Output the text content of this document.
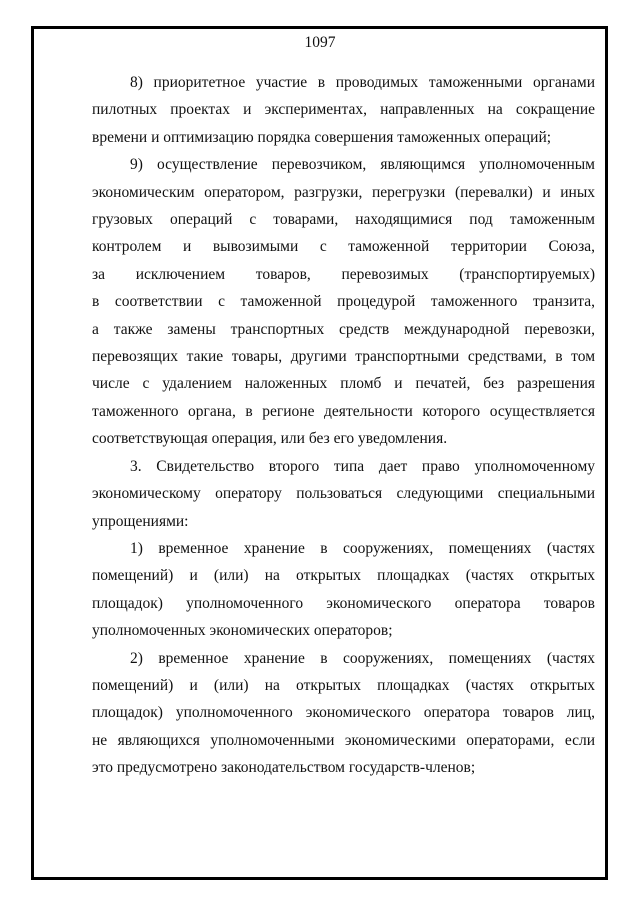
1097
8) приоритетное участие в проводимых таможенными органами
пилотных проектах и экспериментах, направленных на сокращение
времени и оптимизацию порядка совершения таможенных операций;
9) осуществление перевозчиком, являющимся уполномоченным
экономическим оператором, разгрузки, перегрузки (перевалки) и иных
грузовых операций с товарами, находящимися под таможенным
контролем и вывозимыми с таможенной территории Союза,
за исключением товаров, перевозимых (транспортируемых)
в соответствии с таможенной процедурой таможенного транзита,
а также замены транспортных средств международной перевозки,
перевозящих такие товары, другими транспортными средствами, в том
числе с удалением наложенных пломб и печатей, без разрешения
таможенного органа, в регионе деятельности которого осуществляется
соответствующая операция, или без его уведомления.
3. Свидетельство второго типа дает право уполномоченному
экономическому оператору пользоваться следующими специальными
упрощениями:
1) временное хранение в сооружениях, помещениях (частях
помещений) и (или) на открытых площадках (частях открытых
площадок) уполномоченного экономического оператора товаров
уполномоченных экономических операторов;
2) временное хранение в сооружениях, помещениях (частях
помещений) и (или) на открытых площадках (частях открытых
площадок) уполномоченного экономического оператора товаров лиц,
не являющихся уполномоченными экономическими операторами, если
это предусмотрено законодательством государств-членов;
